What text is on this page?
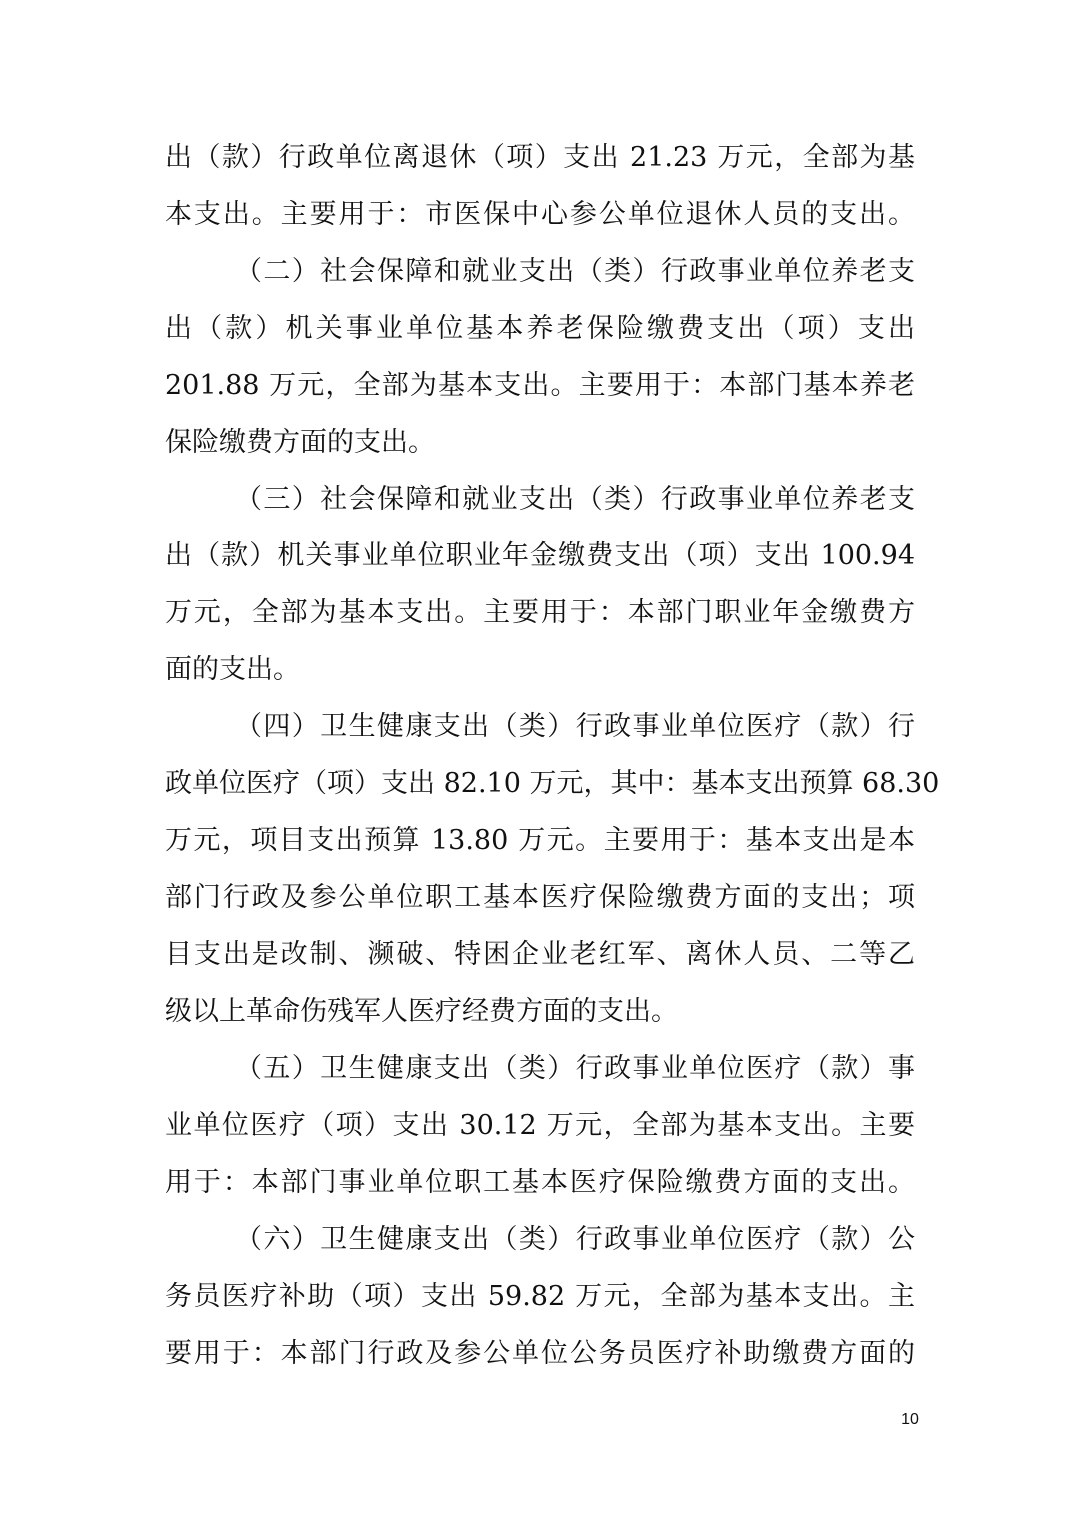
出（款）行政单位离退休（项）支出 21.23 万元，全部为基
本支出。主要用于：市医保中心参公单位退休人员的支出。
（二）社会保障和就业支出（类）行政事业单位养老支
出（款）机关事业单位基本养老保险缴费支出（项）支出
201.88 万元，全部为基本支出。主要用于：本部门基本养老
保险缴费方面的支出。
（三）社会保障和就业支出（类）行政事业单位养老支
出（款）机关事业单位职业年金缴费支出（项）支出 100.94
万元，全部为基本支出。主要用于：本部门职业年金缴费方
面的支出。
（四）卫生健康支出（类）行政事业单位医疗（款）行
政单位医疗（项）支出 82.10 万元，其中：基本支出预算 68.30
万元，项目支出预算 13.80 万元。主要用于：基本支出是本
部门行政及参公单位职工基本医疗保险缴费方面的支出；项
目支出是改制、濒破、特困企业老红军、离休人员、二等乙
级以上革命伤残军人医疗经费方面的支出。
（五）卫生健康支出（类）行政事业单位医疗（款）事
业单位医疗（项）支出 30.12 万元，全部为基本支出。主要
用于：本部门事业单位职工基本医疗保险缴费方面的支出。
（六）卫生健康支出（类）行政事业单位医疗（款）公
务员医疗补助（项）支出 59.82 万元，全部为基本支出。主
要用于：本部门行政及参公单位公务员医疗补助缴费方面的
10
